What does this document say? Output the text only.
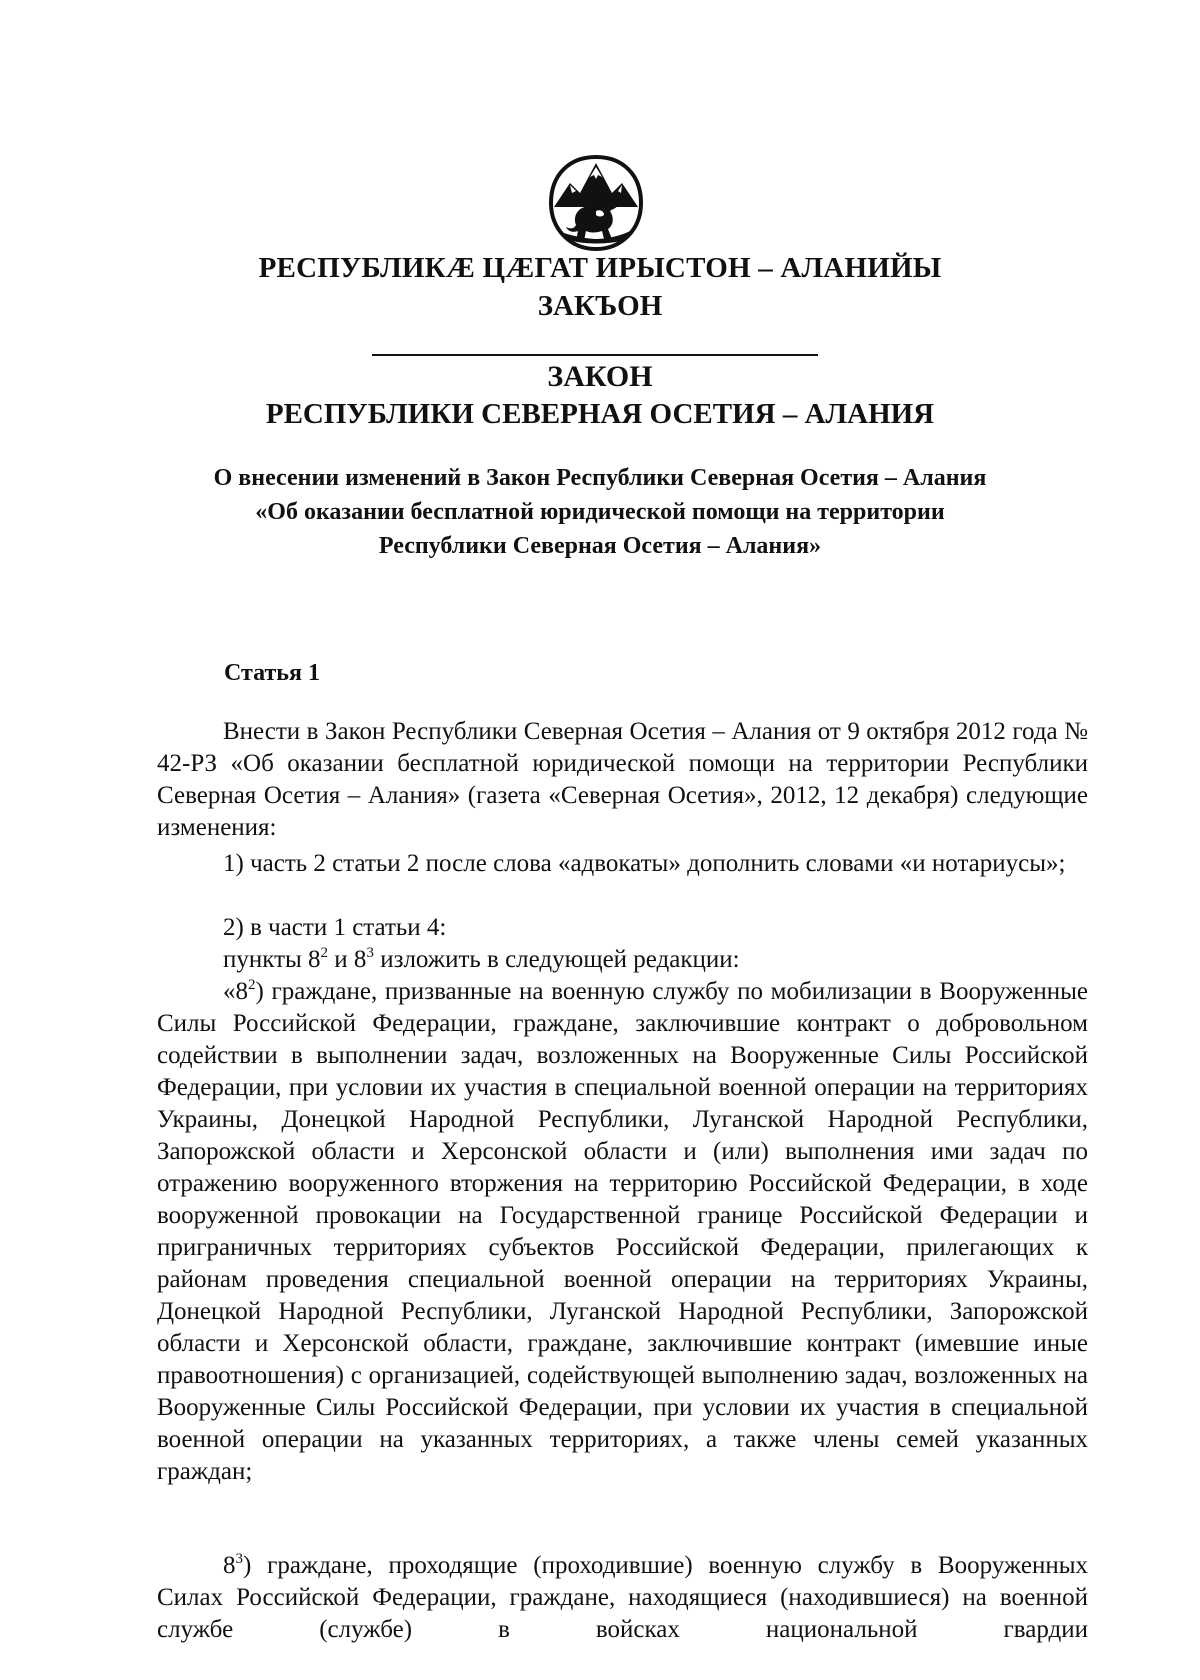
РЕСПУБЛИКӔ ЦӔГАТ ИРЫСТОН – АЛАНИЙЫ
ЗАКЪОН
ЗАКОН
РЕСПУБЛИКИ СЕВЕРНАЯ ОСЕТИЯ – АЛАНИЯ
О внесении изменений в Закон Республики Северная Осетия – Алания
«Об оказании бесплатной юридической помощи на территории
Республики Северная Осетия – Алания»
Статья 1

Внести в Закон Республики Северная Осетия – Алания от 9 октября 2012 года № 42-РЗ «Об оказании бесплатной юридической помощи на территории Республики Северная Осетия – Алания» (газета «Северная Осетия», 2012, 12 декабря) следующие изменения:

1) часть 2 статьи 2 после слова «адвокаты» дополнить словами «и нотариусы»;

2) в части 1 статьи 4:

пункты $8^2$ и $8^3$ изложить в следующей редакции:

«$8^2$) граждане, призванные на военную службу по мобилизации в Вооруженные Силы Российской Федерации, граждане, заключившие контракт о добровольном содействии в выполнении задач, возложенных на Вооруженные Силы Российской Федерации, при условии их участия в специальной военной операции на территориях Украины, Донецкой Народной Республики, Луганской Народной Республики, Запорожской области и Херсонской области и (или) выполнения ими задач по отражению вооруженного вторжения на территорию Российской Федерации, в ходе вооруженной провокации на Государственной границе Российской Федерации и приграничных территориях субъектов Российской Федерации, прилегающих к районам проведения специальной военной операции на территориях Украины, Донецкой Народной Республики, Луганской Народной Республики, Запорожской области и Херсонской области, граждане, заключившие контракт (имевшие иные правоотношения) с организацией, содействующей выполнению задач, возложенных на Вооруженные Силы Российской Федерации, при условии их участия в специальной военной операции на указанных территориях, а также члены семей указанных граждан;

$8^3$) граждане, проходящие (проходившие) военную службу в Вооруженных Силах Российской Федерации, граждане, находящиеся (находившиеся) на военной службе (службе) в войсках национальной гвардии
